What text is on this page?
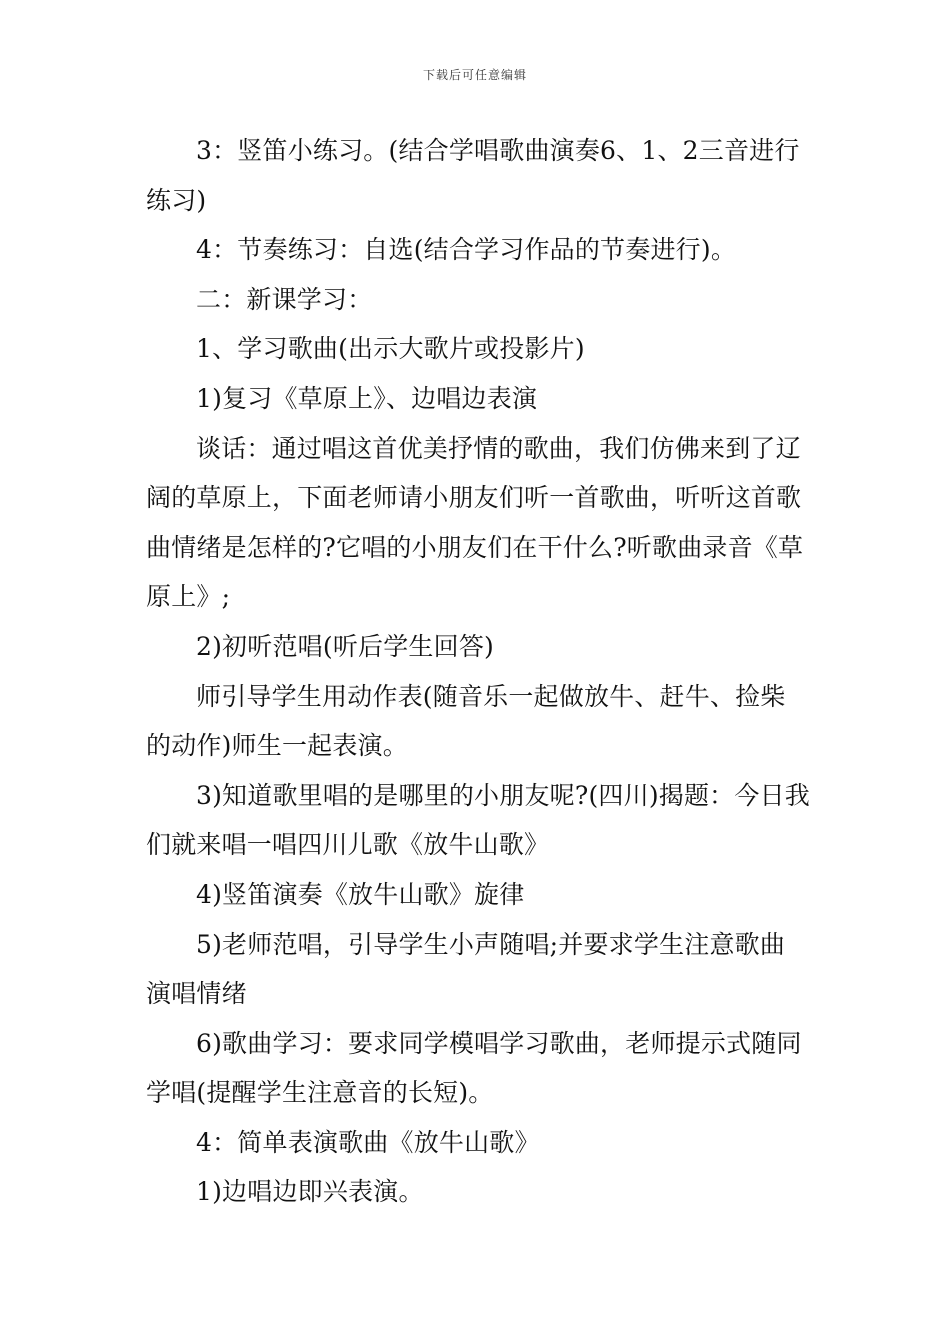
下载后可任意编辑

3：竖笛小练习。(结合学唱歌曲演奏6、1、2三音进行练习)

4：节奏练习：自选(结合学习作品的节奏进行)。

二：新课学习：

1、学习歌曲(出示大歌片或投影片)

1)复习《草原上》、边唱边表演

谈话：通过唱这首优美抒情的歌曲，我们仿佛来到了辽阔的草原上，下面老师请小朋友们听一首歌曲，听听这首歌曲情绪是怎样的?它唱的小朋友们在干什么?听歌曲录音《草原上》;

2)初听范唱(听后学生回答)

师引导学生用动作表(随音乐一起做放牛、赶牛、捡柴的动作)师生一起表演。

3)知道歌里唱的是哪里的小朋友呢?(四川)揭题：今日我们就来唱一唱四川儿歌《放牛山歌》

4)竖笛演奏《放牛山歌》旋律

5)老师范唱，引导学生小声随唱;并要求学生注意歌曲演唱情绪

6)歌曲学习：要求同学模唱学习歌曲，老师提示式随同学唱(提醒学生注意音的长短)。

4：简单表演歌曲《放牛山歌》

1)边唱边即兴表演。
